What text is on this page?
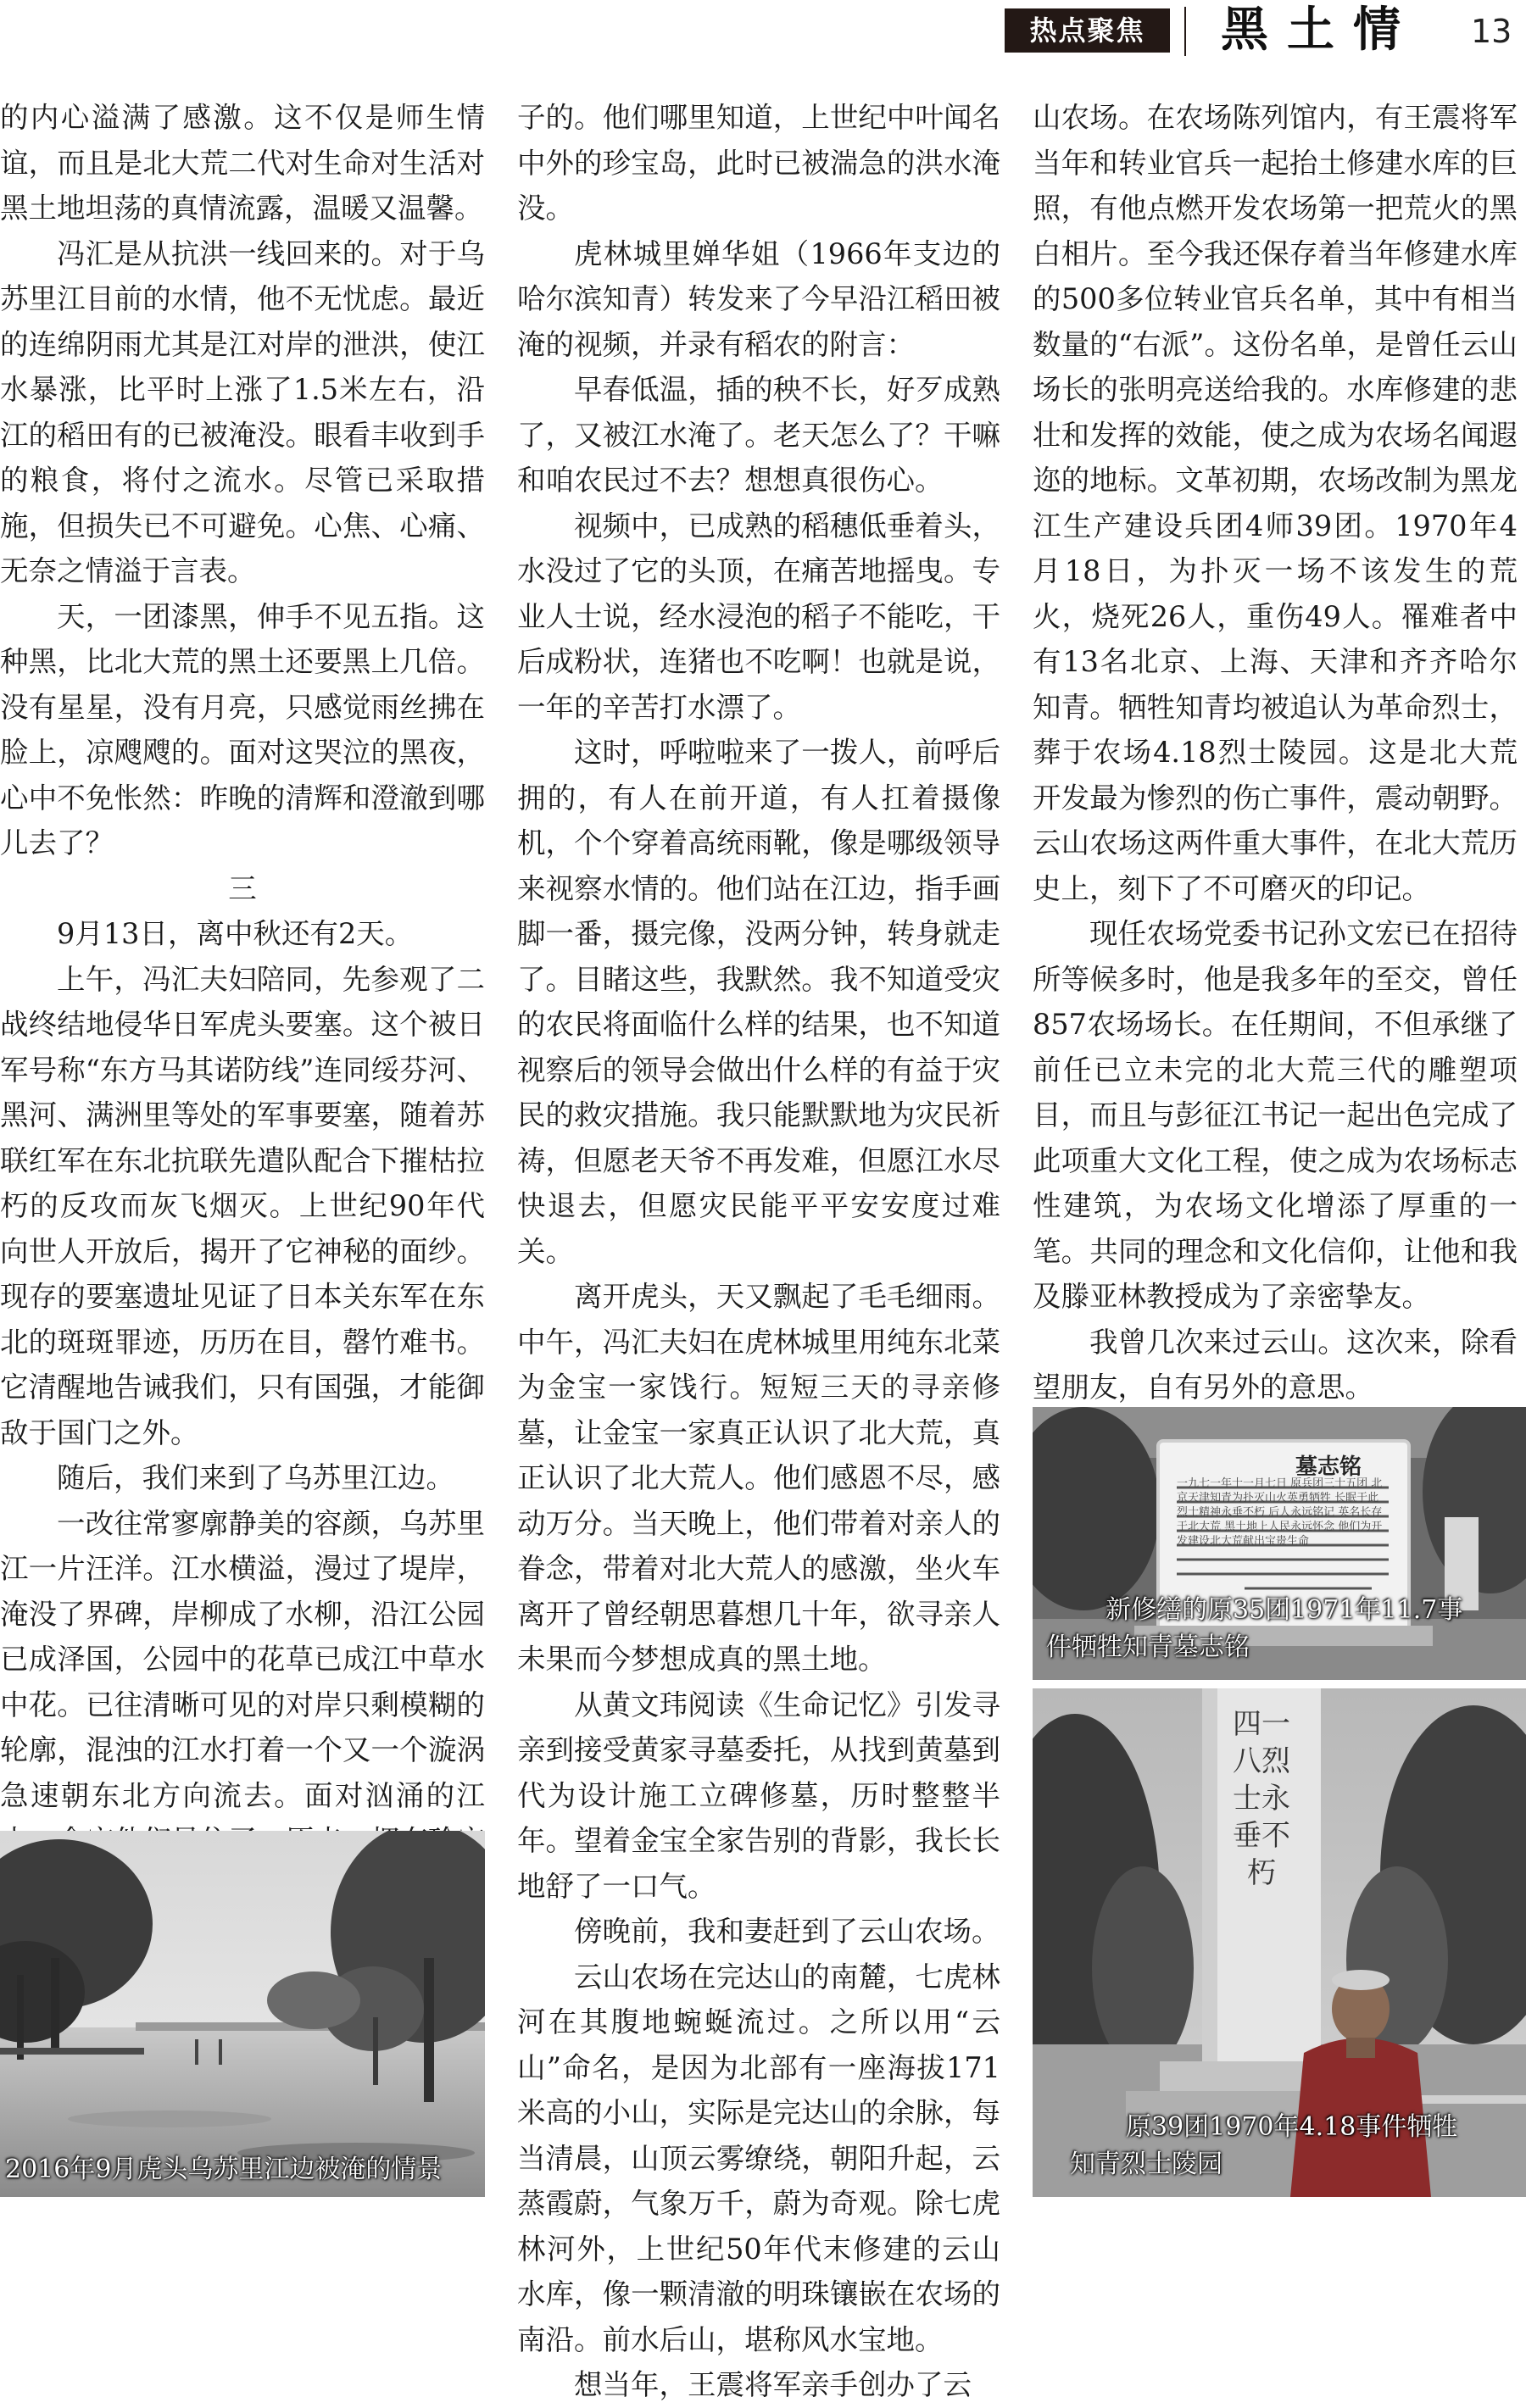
热点聚焦	黑土情 13

的内心溢满了感激。这不仅是师生情谊，而且是北大荒二代对生命对生活对黑土地坦荡的真情流露，温暖又温馨。

冯汇是从抗洪一线回来的。对于乌苏里江目前的水情，他不无忧虑。最近的连绵阴雨尤其是江对岸的泄洪，使江水暴涨，比平时上涨了1.5米左右，沿江的稻田有的已被淹没。眼看丰收到手的粮食，将付之流水。尽管已采取措施，但损失已不可避免。心焦、心痛、无奈之情溢于言表。

天，一团漆黑，伸手不见五指。这种黑，比北大荒的黑土还要黑上几倍。没有星星，没有月亮，只感觉雨丝拂在脸上，凉飕飕的。面对这哭泣的黑夜，心中不免怅然：昨晚的清辉和澄澈到哪儿去了？

三

9月13日，离中秋还有2天。

上午，冯汇夫妇陪同，先参观了二战终结地侵华日军虎头要塞。这个被日军号称“东方马其诺防线”连同绥芬河、黑河、满洲里等处的军事要塞，随着苏联红军在东北抗联先遣队配合下摧枯拉朽的反攻而灰飞烟灭。上世纪90年代向世人开放后，揭开了它神秘的面纱。现存的要塞遗址见证了日本关东军在东北的斑斑罪迹，历历在目，罄竹难书。它清醒地告诫我们，只有国强，才能御敌于国门之外。

随后，我们来到了乌苏里江边。

一改往常寥廓静美的容颜，乌苏里江一片汪洋。江水横溢，漫过了堤岸，淹没了界碑，岸柳成了水柳，沿江公园已成泽国，公园中的花草已成江中草水中花。已往清晰可见的对岸只剩模糊的轮廓，混浊的江水打着一个又一个漩涡急速朝东北方向流去。面对汹涌的江

子的。他们哪里知道，上世纪中叶闻名中外的珍宝岛，此时已被湍急的洪水淹没。

虎林城里婵华姐（1966年支边的哈尔滨知青）转发来了今早沿江稻田被淹的视频，并录有稻农的附言：

早春低温，插的秧不长，好歹成熟了，又被江水淹了。老天怎么了？干嘛和咱农民过不去？想想真很伤心。

视频中，已成熟的稻穗低垂着头，水没过了它的头顶，在痛苦地摇曳。专业人士说，经水浸泡的稻子不能吃，干后成粉状，连猪也不吃啊！也就是说，一年的辛苦打水漂了。

这时，呼啦啦来了一拨人，前呼后拥的，有人在前开道，有人扛着摄像机，个个穿着高统雨靴，像是哪级领导来视察水情的。他们站在江边，指手画脚一番，摄完像，没两分钟，转身就走了。目睹这些，我默然。我不知道受灾的农民将面临什么样的结果，也不知道视察后的领导会做出什么样的有益于灾民的救灾措施。我只能默默地为灾民祈祷，但愿老天爷不再发难，但愿江水尽快退去，但愿灾民能平平安安度过难关。

离开虎头，天又飘起了毛毛细雨。中午，冯汇夫妇在虎林城里用纯东北菜为金宝一家饯行。短短三天的寻亲修墓，让金宝一家真正认识了北大荒，真正认识了北大荒人。他们感恩不尽，感动万分。当天晚上，他们带着对亲人的眷念，带着对北大荒人的感激，坐火车离开了曾经朝思暮想几十年，欲寻亲人未果而今梦想成真的黑土地。

从黄文玮阅读《生命记忆》引发寻亲到接受黄家寻墓委托，从找到黄墓到代为设计施工立碑修墓，历时整整半年。望着金宝全家告别的背影，我长长地舒了一口气。

傍晚前，我和妻赶到了云山农场。

云山农场在完达山的南麓，七虎林河在其腹地蜿蜒流过。之所以用“云山”命名，是因为北部有一座海拔171米高的小山，实际是完达山的余脉，每当清晨，山顶云雾缭绕，朝阳升起，云蒸霞蔚，气象万千，蔚为奇观。除七虎林河外，上世纪50年代末修建的云山水库，像一颗清澈的明珠镶嵌在农场的南沿。前水后山，堪称风水宝地。

想当年，王震将军亲手创办了云

山农场。在农场陈列馆内，有王震将军当年和转业官兵一起抬土修建水库的巨照，有他点燃开发农场第一把荒火的黑白相片。至今我还保存着当年修建水库的500多位转业官兵名单，其中有相当数量的“右派”。这份名单，是曾任云山场长的张明亮送给我的。水库修建的悲壮和发挥的效能，使之成为农场名闻遐迩的地标。文革初期，农场改制为黑龙江生产建设兵团4师39团。1970年4月18日，为扑灭一场不该发生的荒火，烧死26人，重伤49人。罹难者中有13名北京、上海、天津和齐齐哈尔知青。牺牲知青均被追认为革命烈士，葬于农场4.18烈士陵园。这是北大荒开发最为惨烈的伤亡事件，震动朝野。云山农场这两件重大事件，在北大荒历史上，刻下了不可磨灭的印记。

现任农场党委书记孙文宏已在招待所等候多时，他是我多年的至交，曾任857农场场长。在任期间，不但承继了前任已立未完的北大荒三代的雕塑项目，而且与彭征江书记一起出色完成了此项重大文化工程，使之成为农场标志性建筑，为农场文化增添了厚重的一笔。共同的理念和文化信仰，让他和我及滕亚林教授成为了亲密挚友。

我曾几次来过云山。这次来，除看望朋友，自有另外的意思。

2016年9月虎头乌苏里江边被淹的情景
墓志铭
一九七一年十一月七日 原兵团三十五团 北京天津知青为扑灭山火英勇牺牲 长眠于此 烈士精神永垂不朽 后人永远铭记 英名长存于北大荒 黑土地上人民永远怀念 他们为开发建设北大荒献出宝贵生命
新修缮的原35团1971年11.7事
件牺牲知青墓志铭
四一八烈士永垂不朽
原39团1970年4.18事件牺牲
知青烈士陵园
